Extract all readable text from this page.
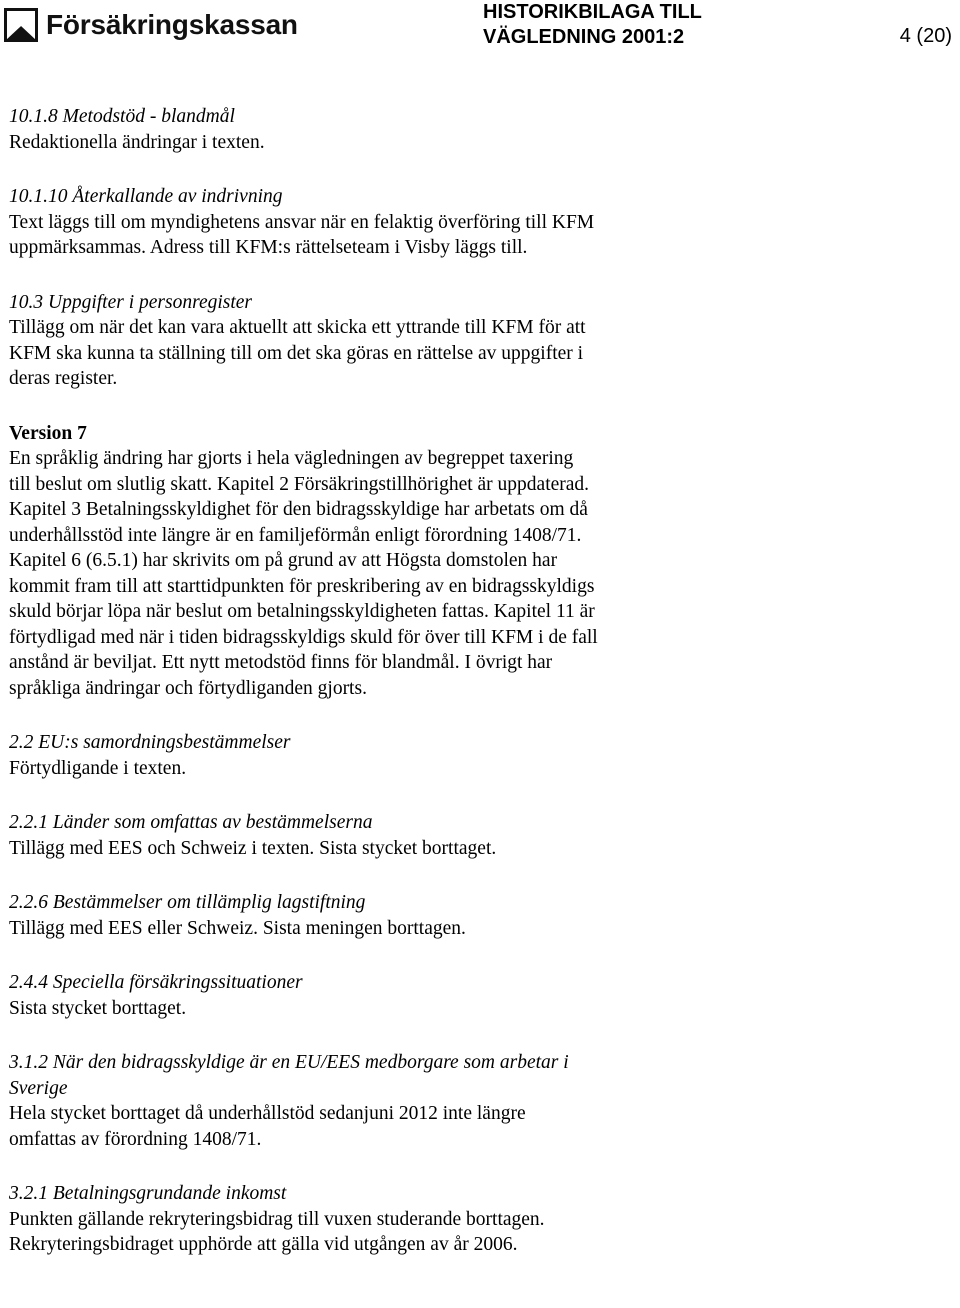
Försäkringskassan	HISTORIKBILAGA TILL
VÄGLEDNING 2001:2	4 (20)

10.1.8 Metodstöd - blandmål

Redaktionella ändringar i texten.

10.1.10 Återkallande av indrivning

Text läggs till om myndighetens ansvar när en felaktig överföring till KFM

uppmärksammas. Adress till KFM:s rättelseteam i Visby läggs till.

10.3 Uppgifter i personregister

Tillägg om när det kan vara aktuellt att skicka ett yttrande till KFM för att

KFM ska kunna ta ställning till om det ska göras en rättelse av uppgifter i

deras register.

Version 7

En språklig ändring har gjorts i hela vägledningen av begreppet taxering

till beslut om slutlig skatt. Kapitel 2 Försäkringstillhörighet är uppdaterad.

Kapitel 3 Betalningsskyldighet för den bidragsskyldige har arbetats om då

underhållsstöd inte längre är en familjeförmån enligt förordning 1408/71.

Kapitel 6 (6.5.1) har skrivits om på grund av att Högsta domstolen har

kommit fram till att starttidpunkten för preskribering av en bidragsskyldigs

skuld börjar löpa när beslut om betalningsskyldigheten fattas. Kapitel 11 är

förtydligad med när i tiden bidragsskyldigs skuld för över till KFM i de fall

anstånd är beviljat. Ett nytt metodstöd finns för blandmål. I övrigt har

språkliga ändringar och förtydliganden gjorts.

2.2 EU:s samordningsbestämmelser

Förtydligande i texten.

2.2.1 Länder som omfattas av bestämmelserna

Tillägg med EES och Schweiz i texten. Sista stycket borttaget.

2.2.6 Bestämmelser om tillämplig lagstiftning

Tillägg med EES eller Schweiz. Sista meningen borttagen.

2.4.4 Speciella försäkringssituationer

Sista stycket borttaget.

3.1.2 När den bidragsskyldige är en EU/EES medborgare som arbetar i

Sverige

Hela stycket borttaget då underhållstöd sedanjuni 2012 inte längre

omfattas av förordning 1408/71.

3.2.1 Betalningsgrundande inkomst

Punkten gällande rekryteringsbidrag till vuxen studerande borttagen.

Rekryteringsbidraget upphörde att gälla vid utgången av år 2006.
